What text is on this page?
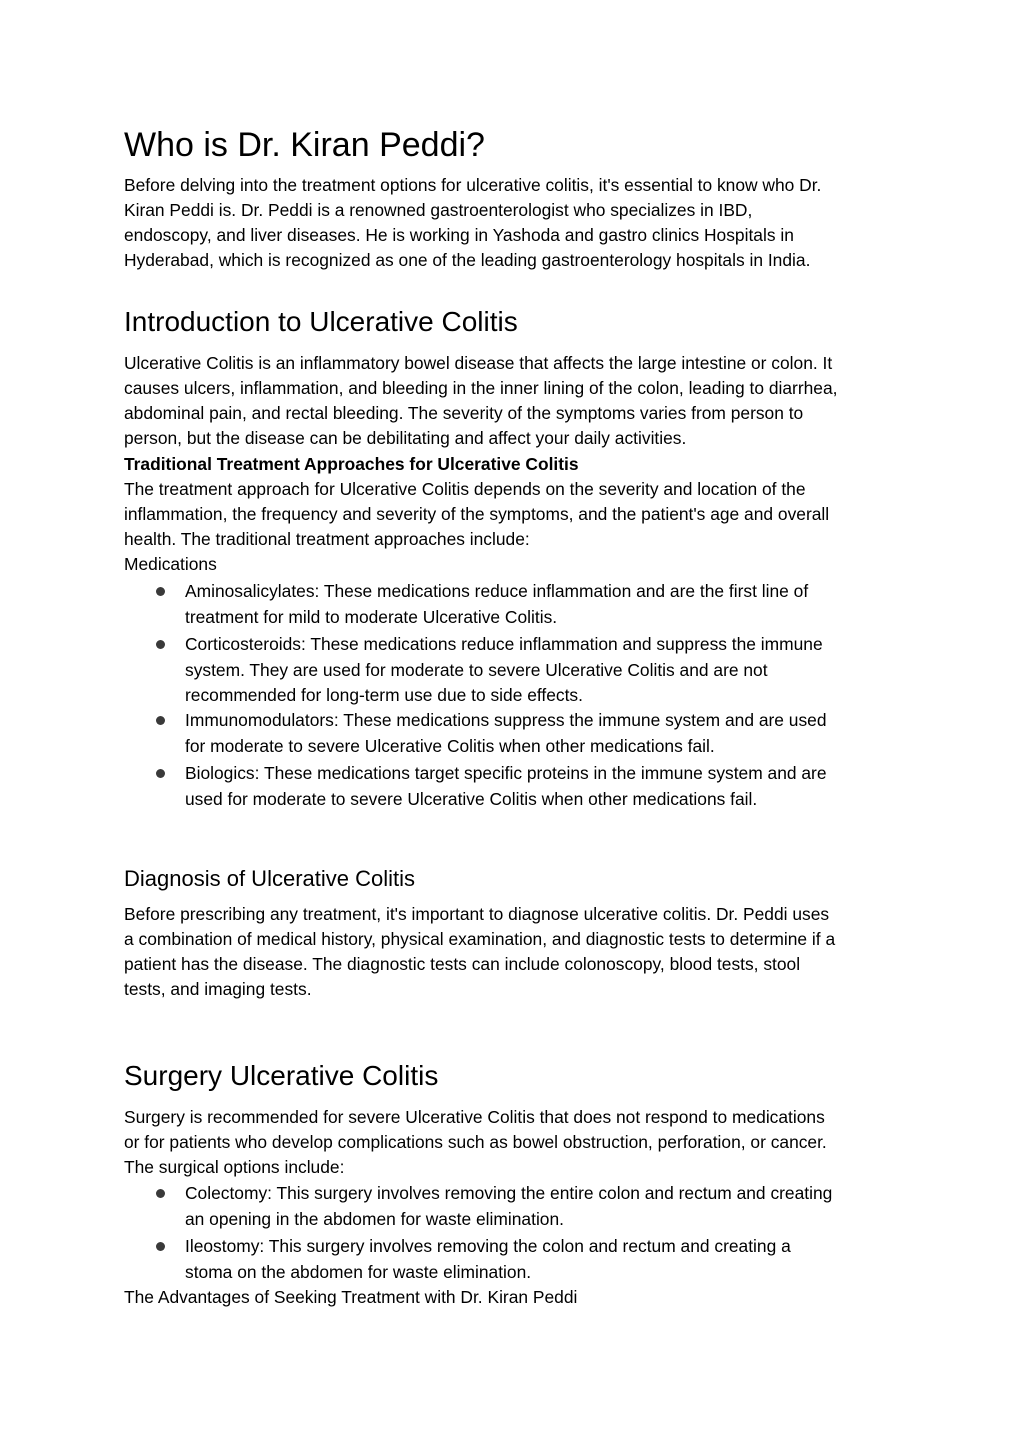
Who is Dr. Kiran Peddi?
Before delving into the treatment options for ulcerative colitis, it's essential to know who Dr.
Kiran Peddi is. Dr. Peddi is a renowned gastroenterologist who specializes in IBD,
endoscopy, and liver diseases. He is working in Yashoda and gastro clinics Hospitals in
Hyderabad, which is recognized as one of the leading gastroenterology hospitals in India.
Introduction to Ulcerative Colitis
Ulcerative Colitis is an inflammatory bowel disease that affects the large intestine or colon. It
causes ulcers, inflammation, and bleeding in the inner lining of the colon, leading to diarrhea,
abdominal pain, and rectal bleeding. The severity of the symptoms varies from person to
person, but the disease can be debilitating and affect your daily activities.
Traditional Treatment Approaches for Ulcerative Colitis
The treatment approach for Ulcerative Colitis depends on the severity and location of the
inflammation, the frequency and severity of the symptoms, and the patient's age and overall
health. The traditional treatment approaches include:
Medications
Aminosalicylates: These medications reduce inflammation and are the first line of
treatment for mild to moderate Ulcerative Colitis.
Corticosteroids: These medications reduce inflammation and suppress the immune
system. They are used for moderate to severe Ulcerative Colitis and are not
recommended for long-term use due to side effects.
Immunomodulators: These medications suppress the immune system and are used
for moderate to severe Ulcerative Colitis when other medications fail.
Biologics: These medications target specific proteins in the immune system and are
used for moderate to severe Ulcerative Colitis when other medications fail.
Diagnosis of Ulcerative Colitis
Before prescribing any treatment, it's important to diagnose ulcerative colitis. Dr. Peddi uses
a combination of medical history, physical examination, and diagnostic tests to determine if a
patient has the disease. The diagnostic tests can include colonoscopy, blood tests, stool
tests, and imaging tests.
Surgery Ulcerative Colitis
Surgery is recommended for severe Ulcerative Colitis that does not respond to medications
or for patients who develop complications such as bowel obstruction, perforation, or cancer.
The surgical options include:
Colectomy: This surgery involves removing the entire colon and rectum and creating
an opening in the abdomen for waste elimination.
Ileostomy: This surgery involves removing the colon and rectum and creating a
stoma on the abdomen for waste elimination.
The Advantages of Seeking Treatment with Dr. Kiran Peddi
